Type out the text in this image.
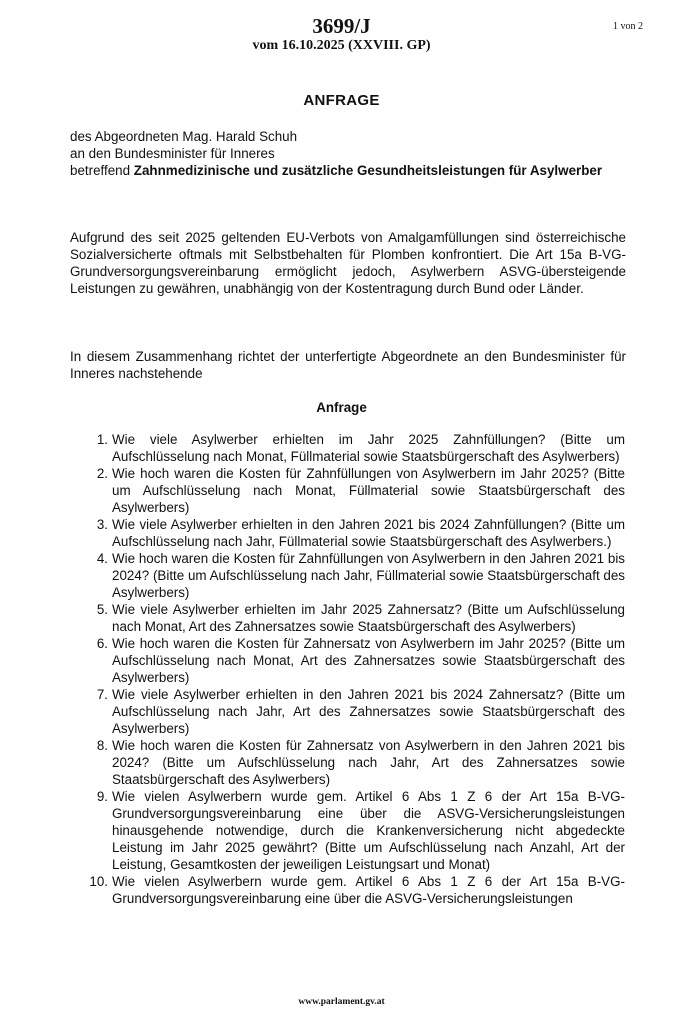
3699/J
vom 16.10.2025 (XXVIII. GP)
1 von 2
ANFRAGE
des Abgeordneten Mag. Harald Schuh
an den Bundesminister für Inneres
betreffend Zahnmedizinische und zusätzliche Gesundheitsleistungen für Asylwerber
Aufgrund des seit 2025 geltenden EU-Verbots von Amalgamfüllungen sind österreichische Sozialversicherte oftmals mit Selbstbehalten für Plomben konfrontiert. Die Art 15a B-VG-Grundversorgungsvereinbarung ermöglicht jedoch, Asylwerbern ASVG-übersteigende Leistungen zu gewähren, unabhängig von der Kostentragung durch Bund oder Länder.
In diesem Zusammenhang richtet der unterfertigte Abgeordnete an den Bundesminister für Inneres nachstehende
Anfrage
1. Wie viele Asylwerber erhielten im Jahr 2025 Zahnfüllungen? (Bitte um Aufschlüsselung nach Monat, Füllmaterial sowie Staatsbürgerschaft des Asylwerbers)
2. Wie hoch waren die Kosten für Zahnfüllungen von Asylwerbern im Jahr 2025? (Bitte um Aufschlüsselung nach Monat, Füllmaterial sowie Staatsbürgerschaft des Asylwerbers)
3. Wie viele Asylwerber erhielten in den Jahren 2021 bis 2024 Zahnfüllungen? (Bitte um Aufschlüsselung nach Jahr, Füllmaterial sowie Staatsbürgerschaft des Asylwerbers.)
4. Wie hoch waren die Kosten für Zahnfüllungen von Asylwerbern in den Jahren 2021 bis 2024? (Bitte um Aufschlüsselung nach Jahr, Füllmaterial sowie Staatsbürgerschaft des Asylwerbers)
5. Wie viele Asylwerber erhielten im Jahr 2025 Zahnersatz? (Bitte um Aufschlüsselung nach Monat, Art des Zahnersatzes sowie Staatsbürgerschaft des Asylwerbers)
6. Wie hoch waren die Kosten für Zahnersatz von Asylwerbern im Jahr 2025? (Bitte um Aufschlüsselung nach Monat, Art des Zahnersatzes sowie Staatsbürgerschaft des Asylwerbers)
7. Wie viele Asylwerber erhielten in den Jahren 2021 bis 2024 Zahnersatz? (Bitte um Aufschlüsselung nach Jahr, Art des Zahnersatzes sowie Staatsbürgerschaft des Asylwerbers)
8. Wie hoch waren die Kosten für Zahnersatz von Asylwerbern in den Jahren 2021 bis 2024? (Bitte um Aufschlüsselung nach Jahr, Art des Zahnersatzes sowie Staatsbürgerschaft des Asylwerbers)
9. Wie vielen Asylwerbern wurde gem. Artikel 6 Abs 1 Z 6 der Art 15a B-VG-Grundversorgungsvereinbarung eine über die ASVG-Versicherungsleistungen hinausgehende notwendige, durch die Krankenversicherung nicht abgedeckte Leistung im Jahr 2025 gewährt? (Bitte um Aufschlüsselung nach Anzahl, Art der Leistung, Gesamtkosten der jeweiligen Leistungsart und Monat)
10. Wie vielen Asylwerbern wurde gem. Artikel 6 Abs 1 Z 6 der Art 15a B-VG-Grundversorgungsvereinbarung eine über die ASVG-Versicherungsleistungen
www.parlament.gv.at
